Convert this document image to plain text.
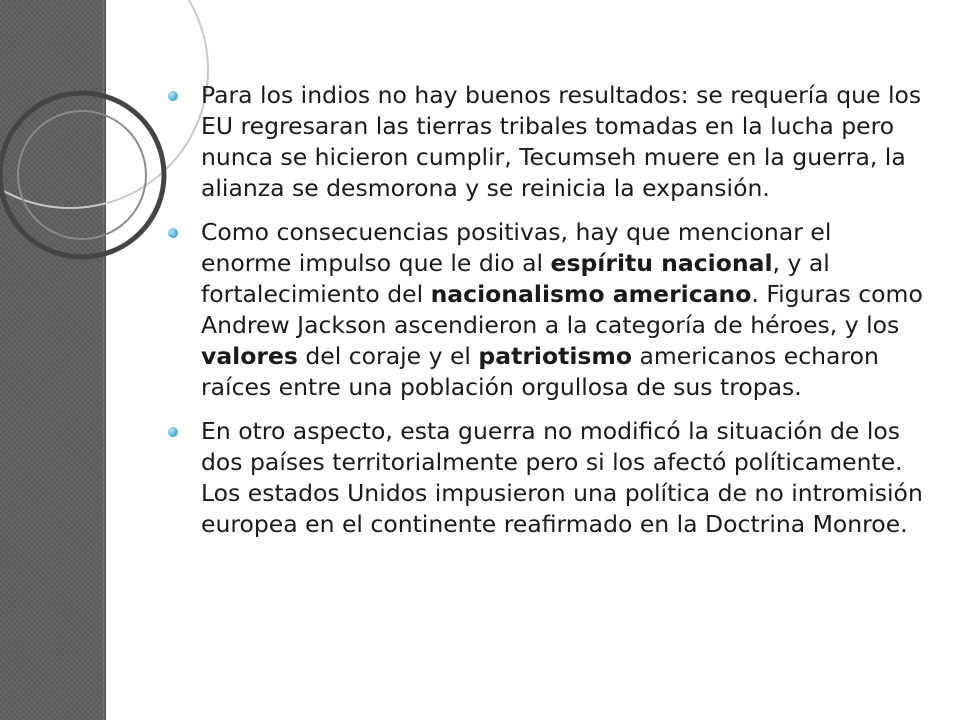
Para los indios no hay buenos resultados: se requería que los EU regresaran las tierras tribales tomadas en la lucha pero nunca se hicieron cumplir, Tecumseh muere en la guerra, la alianza se desmorona y se reinicia la expansión.
Como consecuencias positivas, hay que mencionar el enorme impulso que le dio al espíritu nacional, y al fortalecimiento del nacionalismo americano. Figuras como Andrew Jackson ascendieron a la categoría de héroes, y los valores del coraje y el patriotismo americanos echaron raíces entre una población orgullosa de sus tropas.
En otro aspecto, esta guerra no modificó la situación de los dos países territorialmente pero si los afectó políticamente. Los estados Unidos impusieron una política de no intromisión europea en el continente reafirmado en la Doctrina Monroe.
